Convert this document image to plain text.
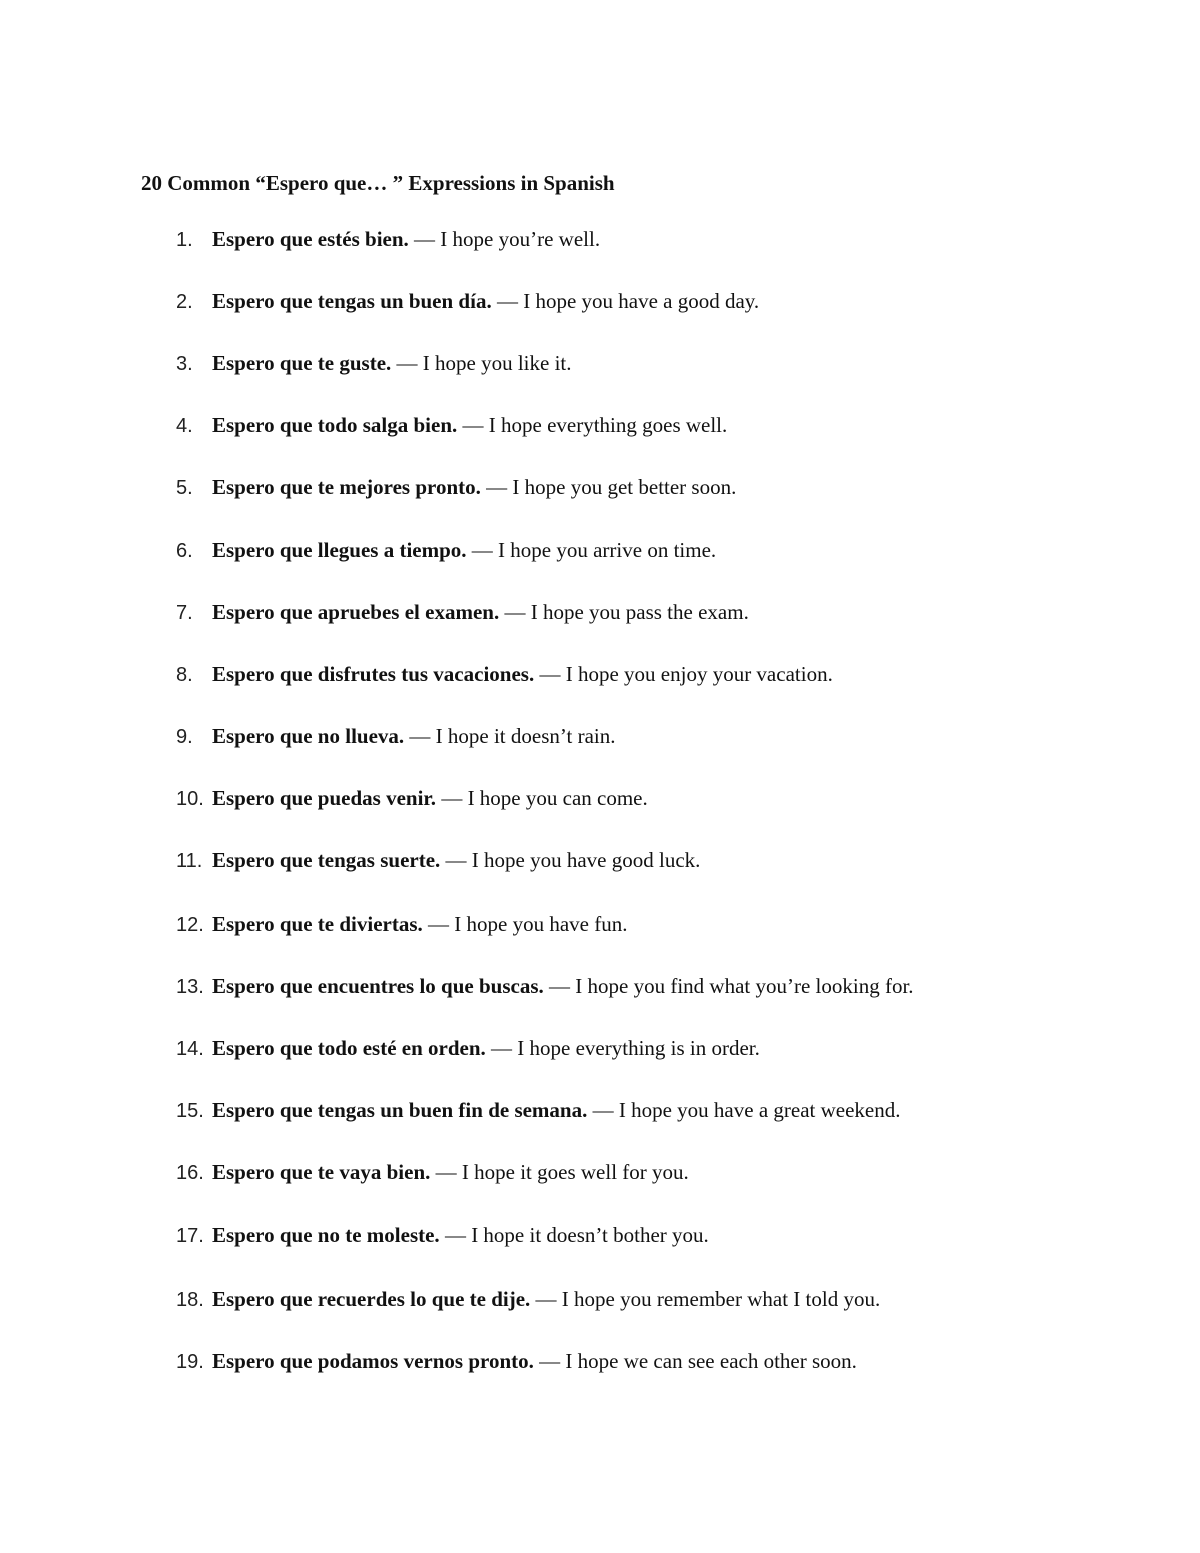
20 Common “Espero que… ” Expressions in Spanish
1. Espero que estés bien. — I hope you’re well.
2. Espero que tengas un buen día. — I hope you have a good day.
3. Espero que te guste. — I hope you like it.
4. Espero que todo salga bien. — I hope everything goes well.
5. Espero que te mejores pronto. — I hope you get better soon.
6. Espero que llegues a tiempo. — I hope you arrive on time.
7. Espero que apruebes el examen. — I hope you pass the exam.
8. Espero que disfrutes tus vacaciones. — I hope you enjoy your vacation.
9. Espero que no llueva. — I hope it doesn’t rain.
10. Espero que puedas venir. — I hope you can come.
11. Espero que tengas suerte. — I hope you have good luck.
12. Espero que te diviertas. — I hope you have fun.
13. Espero que encuentres lo que buscas. — I hope you find what you’re looking for.
14. Espero que todo esté en orden. — I hope everything is in order.
15. Espero que tengas un buen fin de semana. — I hope you have a great weekend.
16. Espero que te vaya bien. — I hope it goes well for you.
17. Espero que no te moleste. — I hope it doesn’t bother you.
18. Espero que recuerdes lo que te dije. — I hope you remember what I told you.
19. Espero que podamos vernos pronto. — I hope we can see each other soon.
